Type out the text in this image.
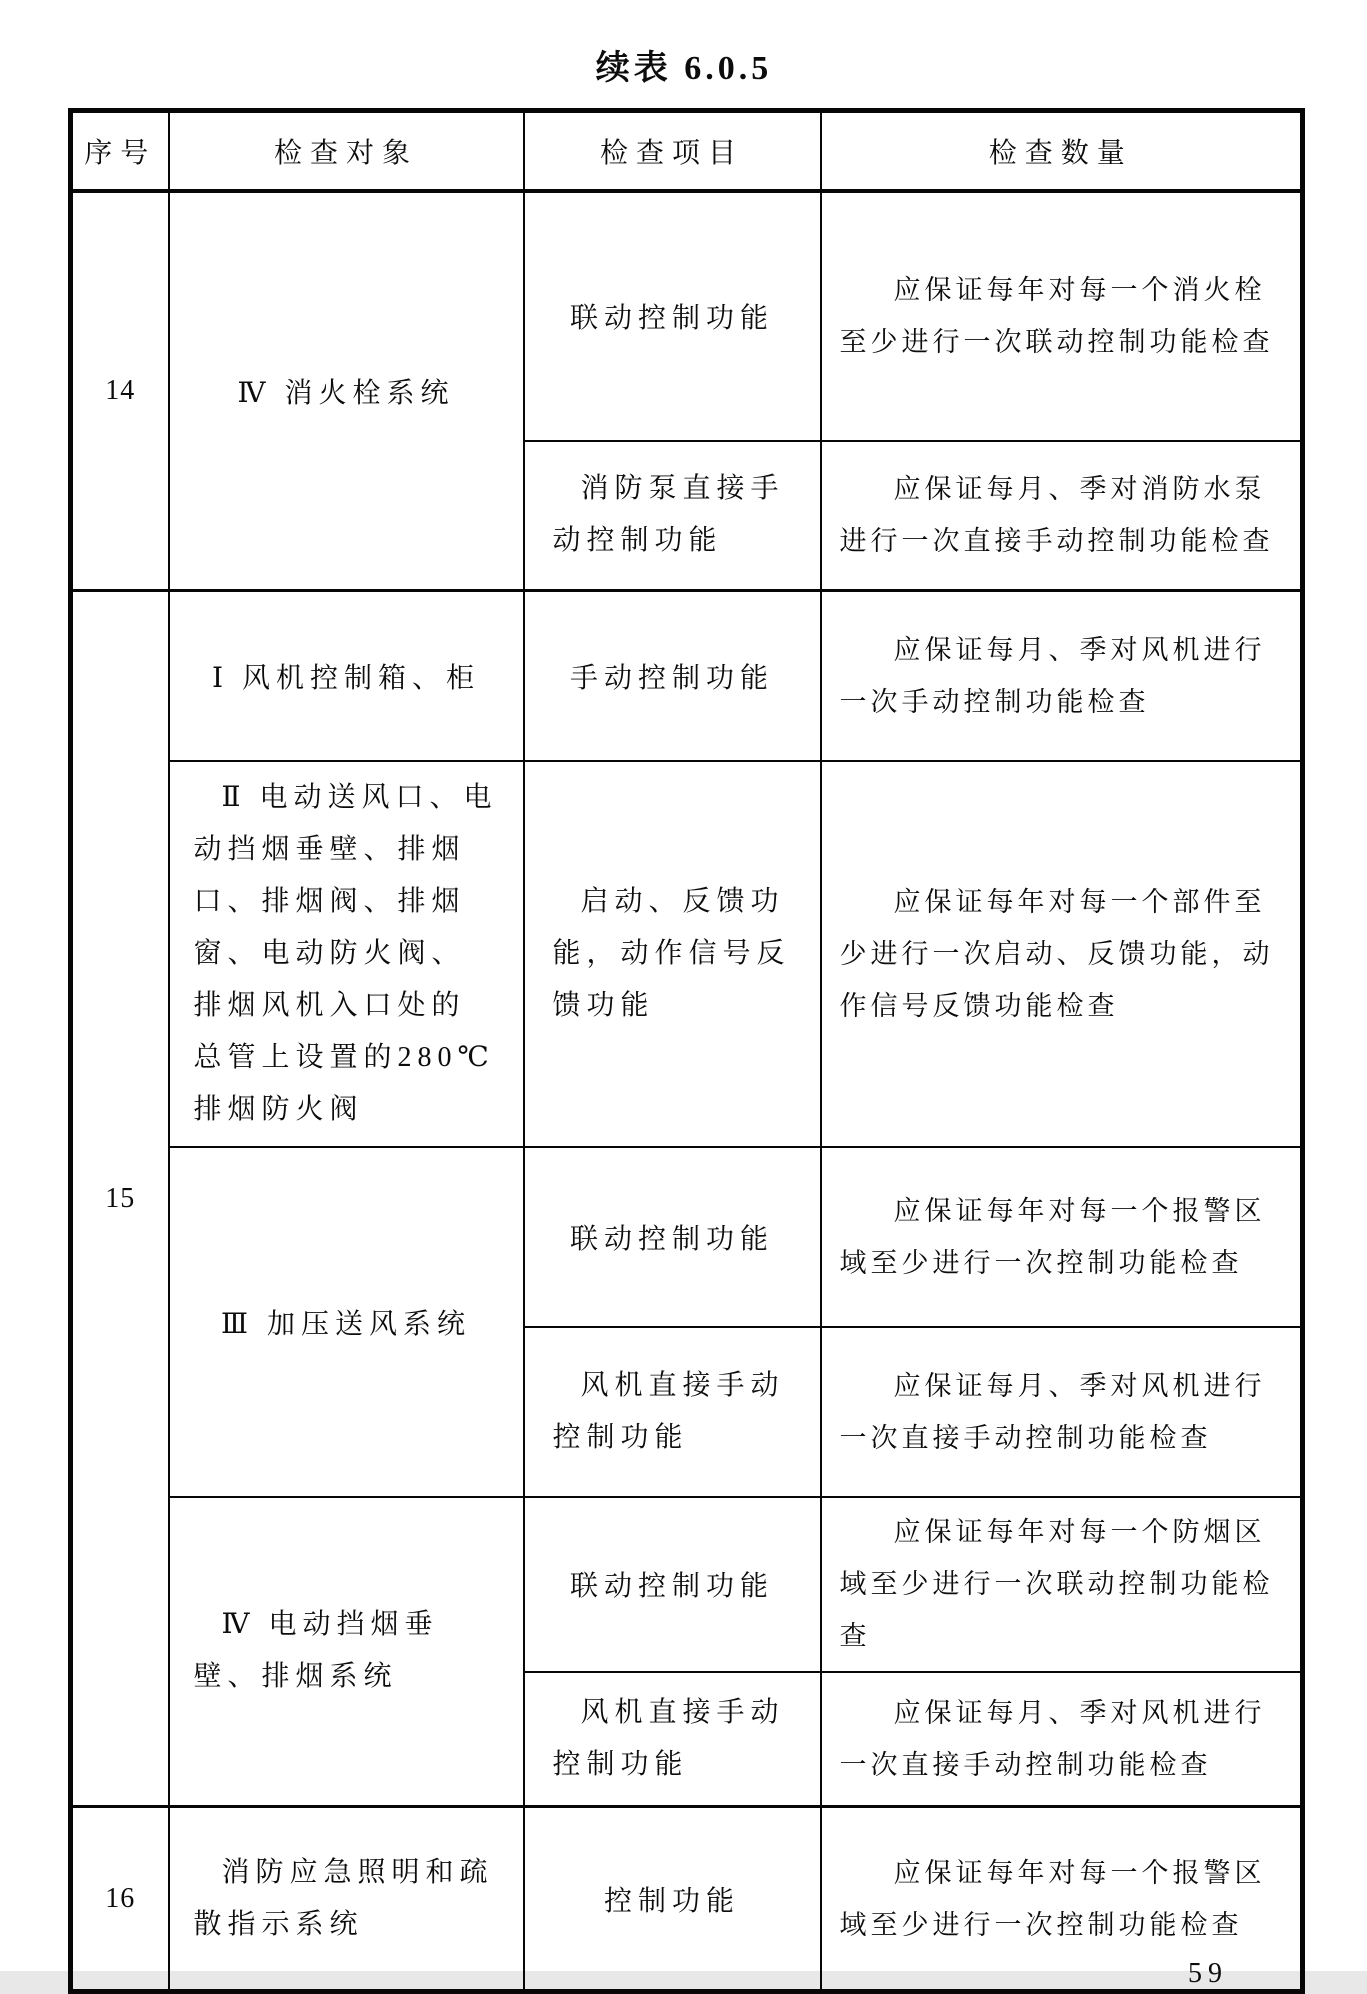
续表 6.0.5
序号	检查对象	检查项目	检查数量
14	Ⅳ 消火栓系统	联动控制功能	应保证每年对每一个消火栓至少进行一次联动控制功能检查
		消防泵直接手动控制功能	应保证每月、季对消防水泵进行一次直接手动控制功能检查
15	Ⅰ 风机控制箱、柜	手动控制功能	应保证每月、季对风机进行一次手动控制功能检查
	Ⅱ 电动送风口、电动挡烟垂壁、排烟口、排烟阀、排烟窗、电动防火阀、排烟风机入口处的总管上设置的280℃排烟防火阀	启动、反馈功能，动作信号反馈功能	应保证每年对每一个部件至少进行一次启动、反馈功能，动作信号反馈功能检查
	Ⅲ 加压送风系统	联动控制功能	应保证每年对每一个报警区域至少进行一次控制功能检查
		风机直接手动控制功能	应保证每月、季对风机进行一次直接手动控制功能检查
	Ⅳ 电动挡烟垂壁、排烟系统	联动控制功能	应保证每年对每一个防烟区域至少进行一次联动控制功能检查
		风机直接手动控制功能	应保证每月、季对风机进行一次直接手动控制功能检查
16	消防应急照明和疏散指示系统	控制功能	应保证每年对每一个报警区域至少进行一次控制功能检查
59
